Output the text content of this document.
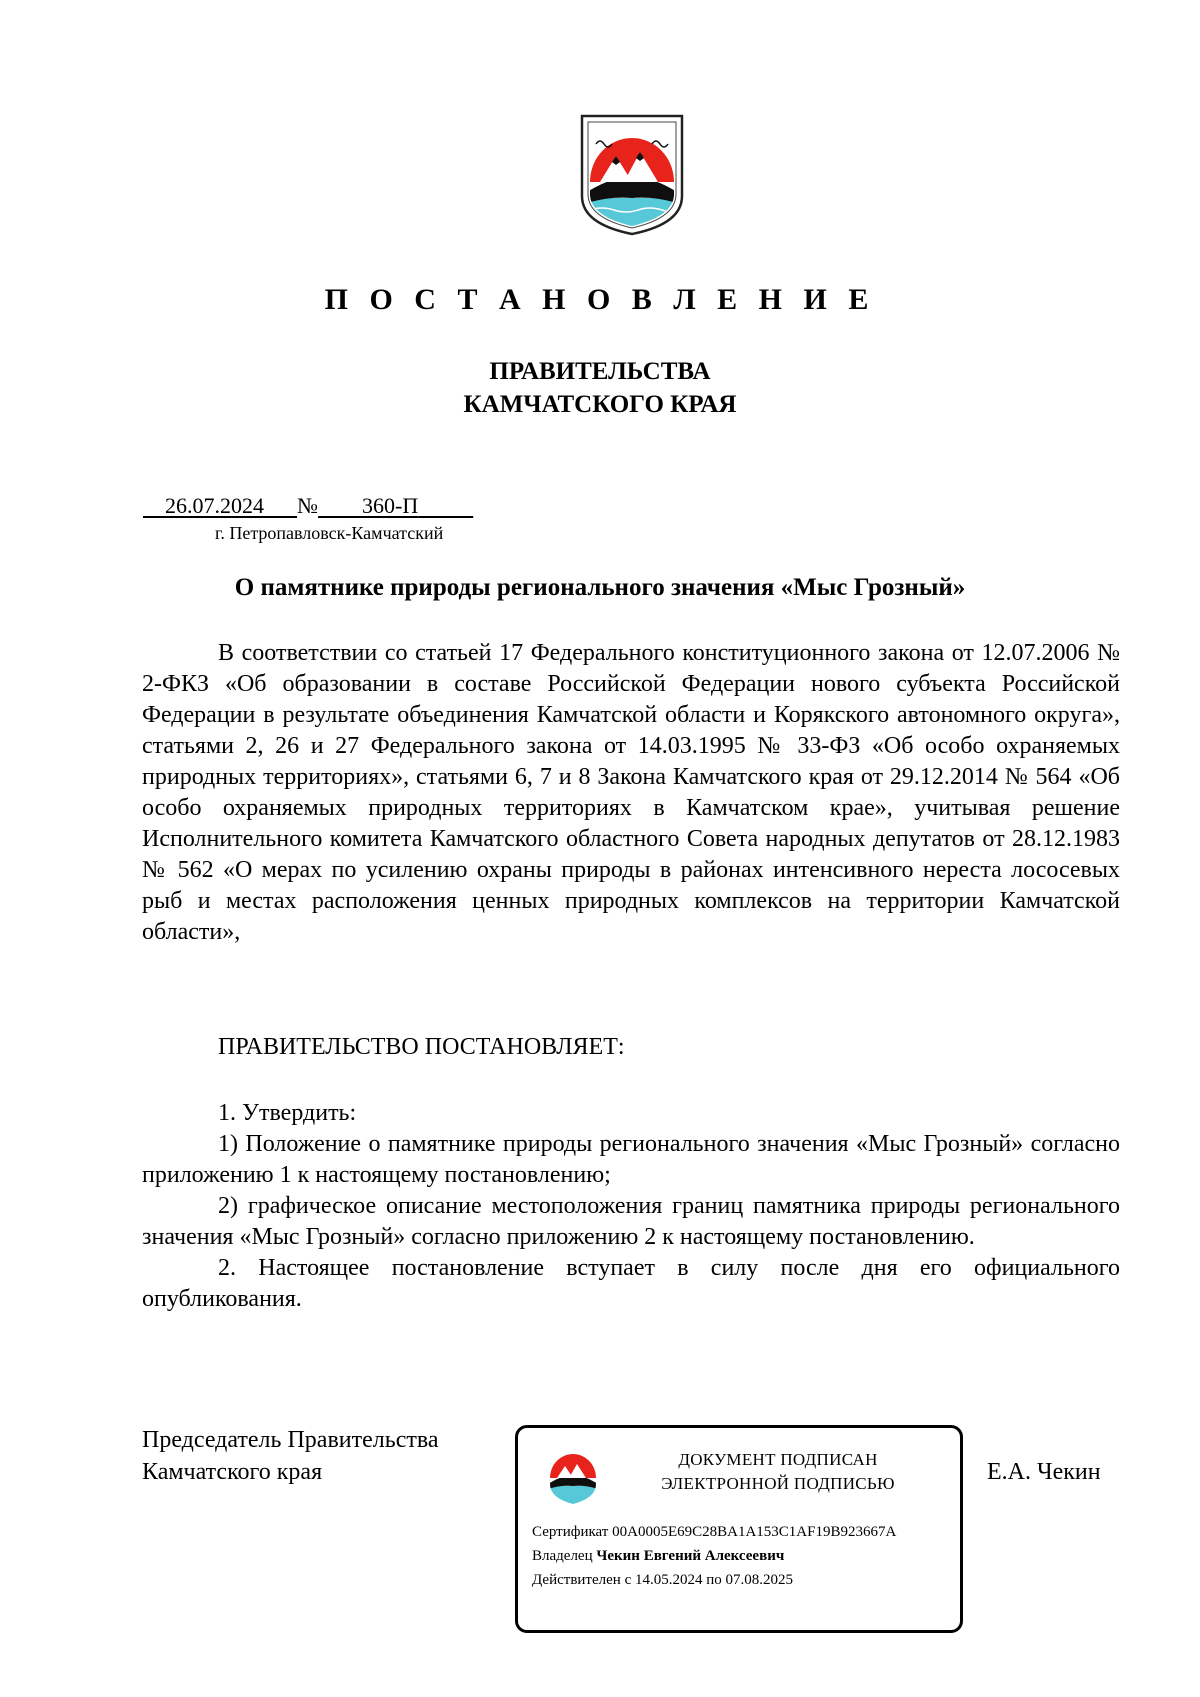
П О С Т А Н О В Л Е Н И Е
ПРАВИТЕЛЬСТВА
КАМЧАТСКОГО КРАЯ
26.07.2024 № 360-П
г. Петропавловск-Камчатский
О памятнике природы регионального значения «Мыс Грозный»

В соответствии со статьей 17 Федерального конституционного закона от 12.07.2006 № 2-ФКЗ «Об образовании в составе Российской Федерации нового субъекта Российской Федерации в результате объединения Камчатской области и Корякского автономного округа», статьями 2, 26 и 27 Федерального закона от 14.03.1995 № 33-ФЗ «Об особо охраняемых природных территориях», статьями 6, 7 и 8 Закона Камчатского края от 29.12.2014 № 564 «Об особо охраняемых природных территориях в Камчатском крае», учитывая решение Исполнительного комитета Камчатского областного Совета народных депутатов от 28.12.1983 № 562 «О мерах по усилению охраны природы в районах интенсивного нереста лососевых рыб и местах расположения ценных природных комплексов на территории Камчатской области»,

ПРАВИТЕЛЬСТВО ПОСТАНОВЛЯЕТ:

1. Утвердить:

1) Положение о памятнике природы регионального значения «Мыс Грозный» согласно приложению 1 к настоящему постановлению;

2) графическое описание местоположения границ памятника природы регионального значения «Мыс Грозный» согласно приложению 2 к настоящему постановлению.

2. Настоящее постановление вступает в силу после дня его официального опубликования.

Председатель Правительства
Камчатского края	Е.А. Чекин
ДОКУМЕНТ ПОДПИСАН
ЭЛЕКТРОННОЙ ПОДПИСЬЮ
Сертификат 00A0005E69C28BA1A153C1AF19B923667A
Владелец Чекин Евгений Алексеевич
Действителен с 14.05.2024 по 07.08.2025
